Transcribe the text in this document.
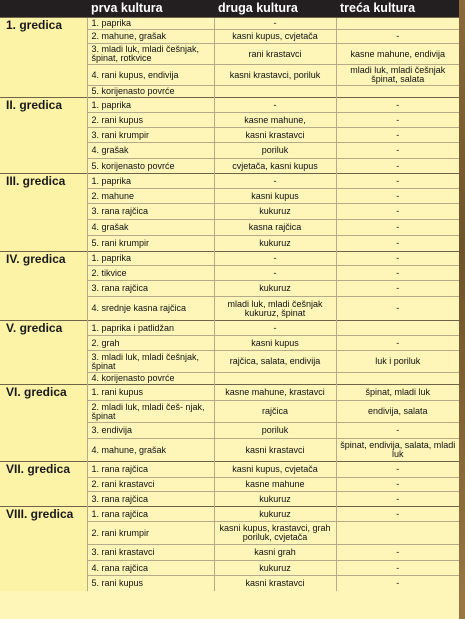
	prva kultura	druga kultura	treća kultura
1. gredica	1. paprika	-	
	2. mahune, grašak	kasni kupus, cvjetača	-
	3. mladi luk, mladi češnjak, špinat, rotkvice	rani krastavci	kasne mahune, endivija
	4. rani kupus, endivija	kasni krastavci, poriluk	mladi luk, mladi češnjak špinat, salata
	5. korijenasto povrće		
II. gredica	1. paprika	-	-
	2. rani kupus	kasne mahune,	-
	3. rani krumpir	kasni krastavci	-
	4. grašak	poriluk	-
	5. korijenasto povrće	cvjetača, kasni kupus	-
III. gredica	1. paprika	-	-
	2. mahune	kasni kupus	-
	3. rana rajčica	kukuruz	-
	4. grašak	kasna rajčica	-
	5. rani krumpir	kukuruz	-
IV. gredica	1. paprika	-	-
	2. tikvice	-	-
	3. rana rajčica	kukuruz	-
	4. srednje kasna rajčica	mladi luk, mladi češnjak kukuruz, špinat	-
V. gredica	1. paprika i patlidžan	-	
	2. grah	kasni kupus	-
	3. mladi luk, mladi češnjak, špinat	rajčica, salata, endivija	luk i poriluk
	4. korijenasto povrće		
VI. gredica	1. rani kupus	kasne mahune, krastavci	špinat, mladi luk
	2. mladi luk, mladi češ- njak, špinat	rajčica	endivija, salata
	3. endivija	poriluk	-
	4. mahune, grašak	kasni krastavci	špinat, endivija, salata, mladi luk
VII. gredica	1. rana rajčica	kasni kupus, cvjetača	-
	2. rani krastavci	kasne mahune	-
	3. rana rajčica	kukuruz	-
VIII. gredica	1. rana rajčica	kukuruz	-
	2. rani krumpir	kasni kupus, krastavci, grah poriluk, cvjetača	
	3. rani krastavci	kasni grah	-
	4. rana rajčica	kukuruz	-
	5. rani kupus	kasni krastavci	-
